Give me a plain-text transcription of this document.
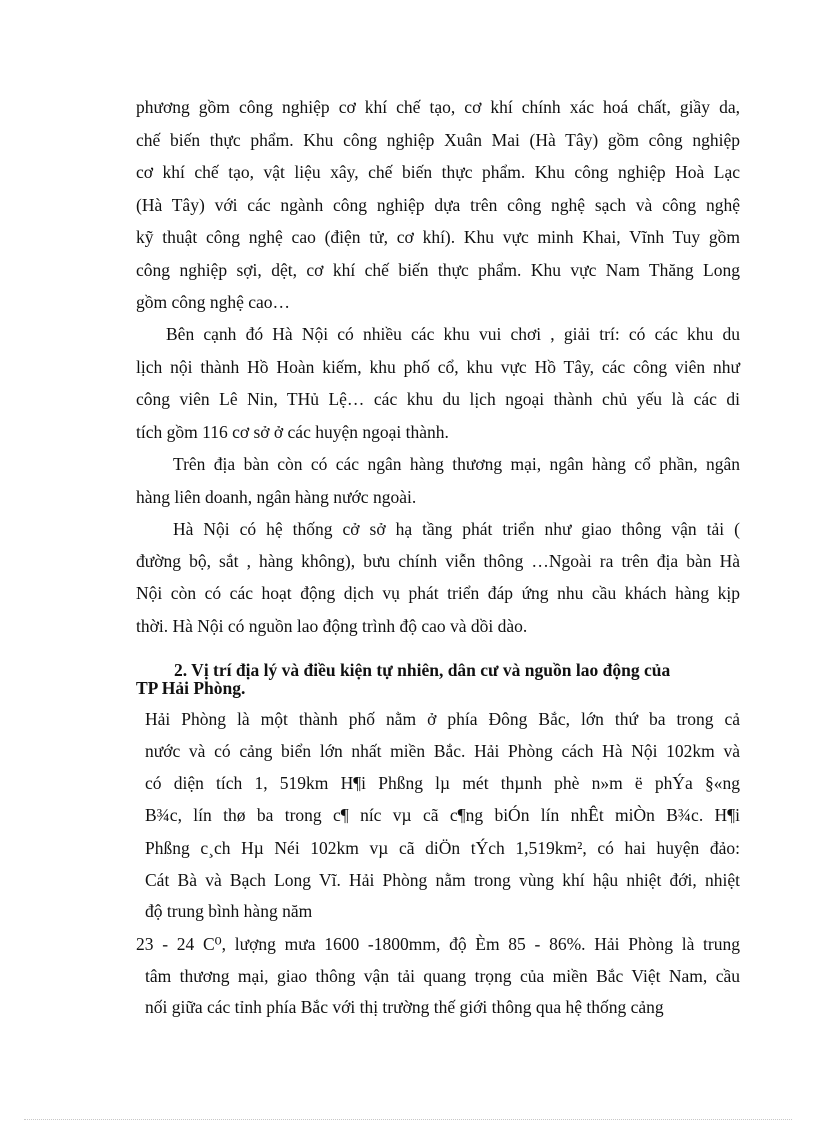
phương gồm công nghiệp cơ khí chế tạo, cơ khí chính xác hoá chất, giầy da,
chế biến thực phẩm. Khu công nghiệp Xuân Mai (Hà Tây) gồm công nghiệp
cơ khí chế tạo, vật liệu xây, chế biến thực phẩm. Khu công nghiệp Hoà Lạc
(Hà Tây) với các ngành công nghiệp dựa trên công nghệ sạch và công nghệ
kỹ thuật công nghệ cao (điện tử, cơ khí). Khu vực minh Khai, Vĩnh Tuy gồm
công nghiệp sợi, dệt, cơ khí chế biến thực phẩm. Khu vực Nam Thăng Long
gồm công nghệ cao…
Bên cạnh đó Hà Nội có nhiều các khu vui chơi , giải trí: có các khu du
lịch nội thành Hồ Hoàn kiếm, khu phố cổ, khu vực Hồ Tây, các công viên như
công viên Lê Nin, THủ Lệ… các khu du lịch ngoại thành chủ yếu là các di
tích gồm 116 cơ sở ở các huyện ngoại thành.
Trên địa bàn còn có các ngân hàng thương mại, ngân hàng cổ phần, ngân
hàng liên doanh, ngân hàng nước ngoài.
Hà Nội có hệ thống cở sở hạ tầng phát triển như giao thông vận tải (
đường bộ, sắt , hàng không), bưu chính viễn thông …Ngoài ra trên địa bàn Hà
Nội còn có các hoạt động dịch vụ phát triển đáp ứng nhu cầu khách hàng kịp
thời. Hà Nội có nguồn lao động trình độ cao và dồi dào.
2. Vị trí địa lý và điều kiện tự nhiên, dân cư và nguồn lao động của
TP Hải Phòng.
Hải Phòng là một thành phố nằm ở phía Đông Bắc, lớn thứ ba trong cả
nước và có cảng biển lớn nhất miền Bắc. Hải Phòng cách Hà Nội 102km và
có diện tích 1, 519km H¶i Phßng lµ mét thµnh phè n»m ë phÝa §«ng
B¾c, lín thø ba trong c¶ níc vµ cã c¶ng biÓn lín nhÊt miÒn B¾c. H¶i
Phßng c¸ch Hµ Néi 102km vµ cã diÖn tÝch 1,519km², có hai huyện đảo:
Cát Bà và Bạch Long Vĩ. Hải Phòng nằm trong vùng khí hậu nhiệt đới, nhiệt
độ trung bình hàng năm
23 - 24 C⁰, lượng mưa 1600 -1800mm, độ Èm 85 - 86%. Hải Phòng là trung
tâm thương mại, giao thông vận tải quang trọng của miền Bắc Việt Nam, cầu
nối giữa các tỉnh phía Bắc với thị trường thế giới thông qua hệ thống cảng
